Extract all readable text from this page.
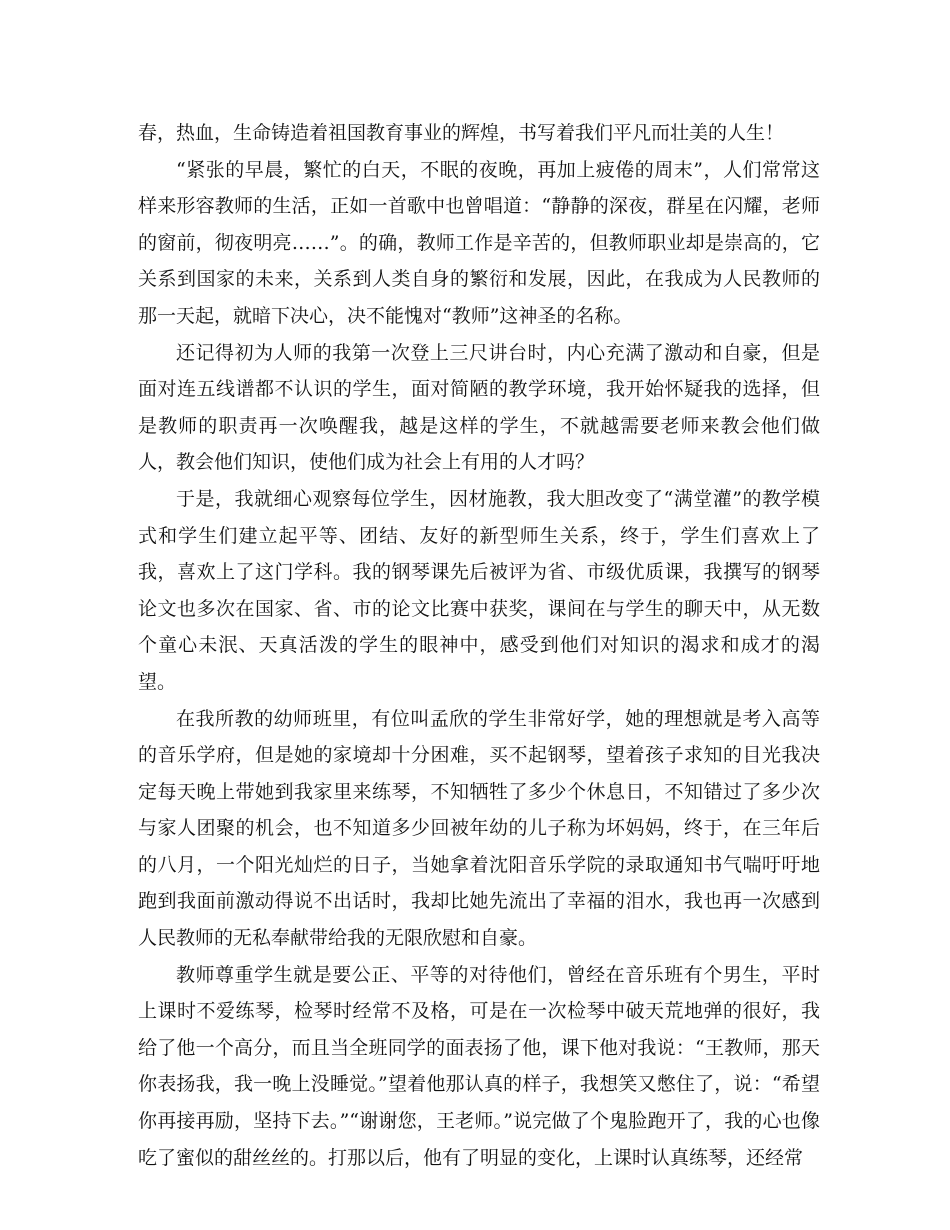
春，热血，生命铸造着祖国教育事业的辉煌，书写着我们平凡而壮美的人生！

“紧张的早晨，繁忙的白天，不眠的夜晚，再加上疲倦的周末”，人们常常这样来形容教师的生活，正如一首歌中也曾唱道：“静静的深夜，群星在闪耀，老师的窗前，彻夜明亮……”。的确，教师工作是辛苦的，但教师职业却是崇高的，它关系到国家的未来，关系到人类自身的繁衍和发展，因此，在我成为人民教师的那一天起，就暗下决心，决不能愧对“教师”这神圣的名称。

还记得初为人师的我第一次登上三尺讲台时，内心充满了激动和自豪，但是面对连五线谱都不认识的学生，面对简陋的教学环境，我开始怀疑我的选择，但是教师的职责再一次唤醒我，越是这样的学生，不就越需要老师来教会他们做人，教会他们知识，使他们成为社会上有用的人才吗？

于是，我就细心观察每位学生，因材施教，我大胆改变了“满堂灌”的教学模式和学生们建立起平等、团结、友好的新型师生关系，终于，学生们喜欢上了我，喜欢上了这门学科。我的钢琴课先后被评为省、市级优质课，我撰写的钢琴论文也多次在国家、省、市的论文比赛中获奖，课间在与学生的聊天中，从无数个童心未泯、天真活泼的学生的眼神中，感受到他们对知识的渴求和成才的渴望。

在我所教的幼师班里，有位叫孟欣的学生非常好学，她的理想就是考入高等的音乐学府，但是她的家境却十分困难，买不起钢琴，望着孩子求知的目光我决定每天晚上带她到我家里来练琴，不知牺牲了多少个休息日，不知错过了多少次与家人团聚的机会，也不知道多少回被年幼的儿子称为坏妈妈，终于，在三年后的八月，一个阳光灿烂的日子，当她拿着沈阳音乐学院的录取通知书气喘吁吁地跑到我面前激动得说不出话时，我却比她先流出了幸福的泪水，我也再一次感到人民教师的无私奉献带给我的无限欣慰和自豪。

教师尊重学生就是要公正、平等的对待他们，曾经在音乐班有个男生，平时上课时不爱练琴，检琴时经常不及格，可是在一次检琴中破天荒地弹的很好，我给了他一个高分，而且当全班同学的面表扬了他，课下他对我说：“王教师，那天你表扬我，我一晚上没睡觉。”望着他那认真的样子，我想笑又憋住了，说：“希望你再接再励，坚持下去。”“谢谢您，王老师。”说完做了个鬼脸跑开了，我的心也像吃了蜜似的甜丝丝的。打那以后，他有了明显的变化，上课时认真练琴，还经常
